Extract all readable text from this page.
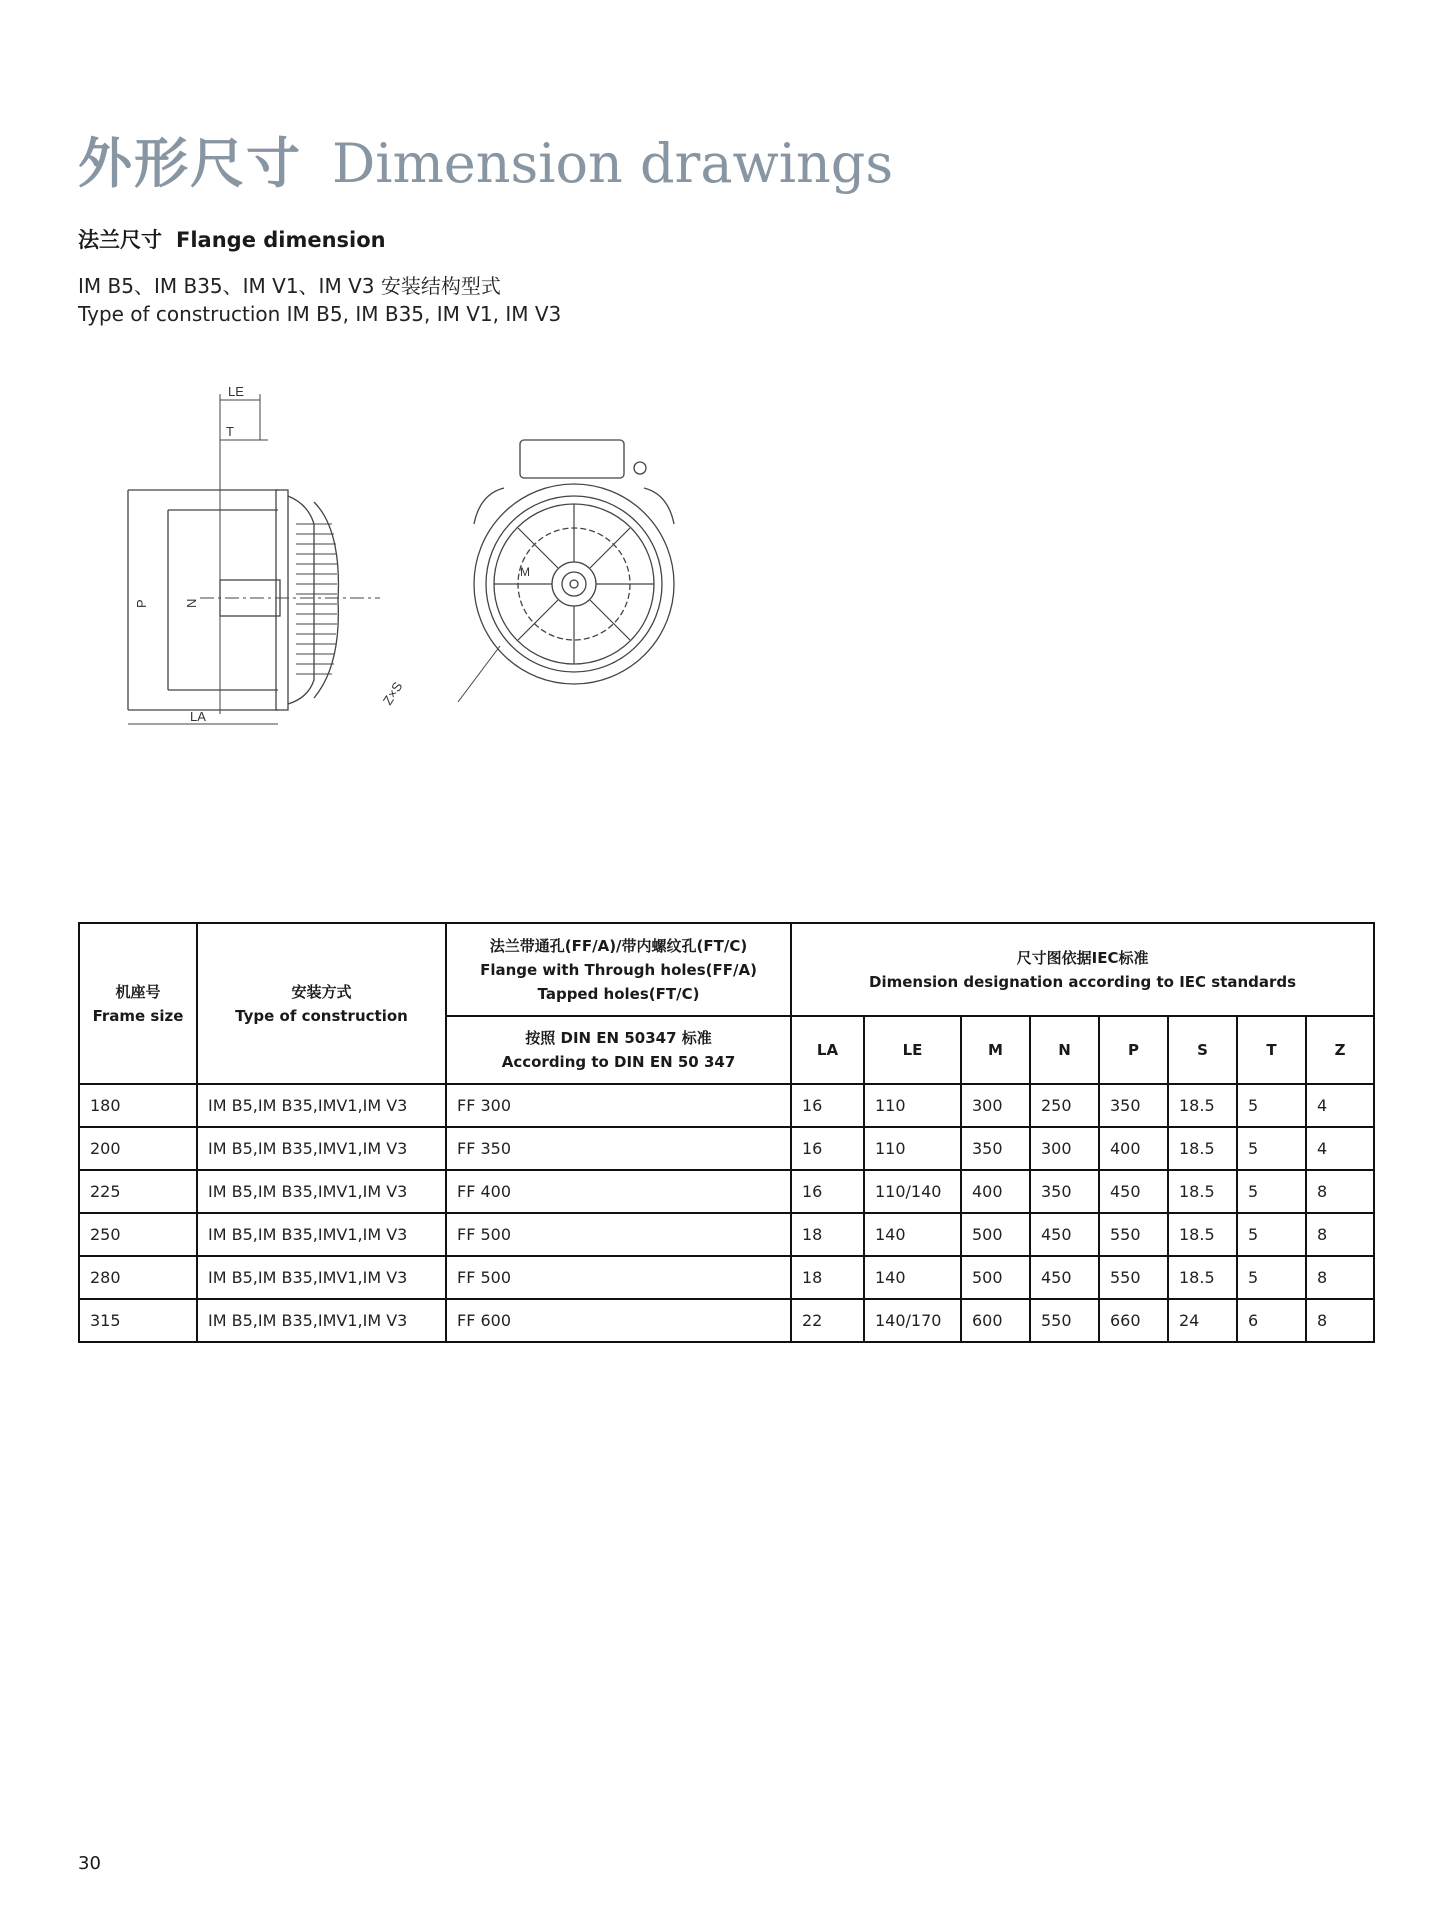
外形尺寸 Dimension drawings
法兰尺寸 Flange dimension
IM B5、IM B35、IM V1、IM V3 安装结构型式
Type of construction IM B5, IM B35, IM V1, IM V3
P	N
LE
T
LA
M
Z×S
机座号
Frame size	安装方式
Type of construction	法兰带通孔(FF/A)/带内螺纹孔(FT/C)
Flange with Through holes(FF/A)
Tapped holes(FT/C)	尺寸图依据IEC标准
Dimension designation according to IEC standards							

		按照 DIN EN 50347 标准
According to DIN EN 50 347	LA	LE	M	N	P	S	T	Z
180	IM B5,IM B35,IMV1,IM V3	FF 300	16	110	300	250	350	18.5	5	4
200	IM B5,IM B35,IMV1,IM V3	FF 350	16	110	350	300	400	18.5	5	4
225	IM B5,IM B35,IMV1,IM V3	FF 400	16	110/140	400	350	450	18.5	5	8
250	IM B5,IM B35,IMV1,IM V3	FF 500	18	140	500	450	550	18.5	5	8
280	IM B5,IM B35,IMV1,IM V3	FF 500	18	140	500	450	550	18.5	5	8
315	IM B5,IM B35,IMV1,IM V3	FF 600	22	140/170	600	550	660	24	6	8
30
